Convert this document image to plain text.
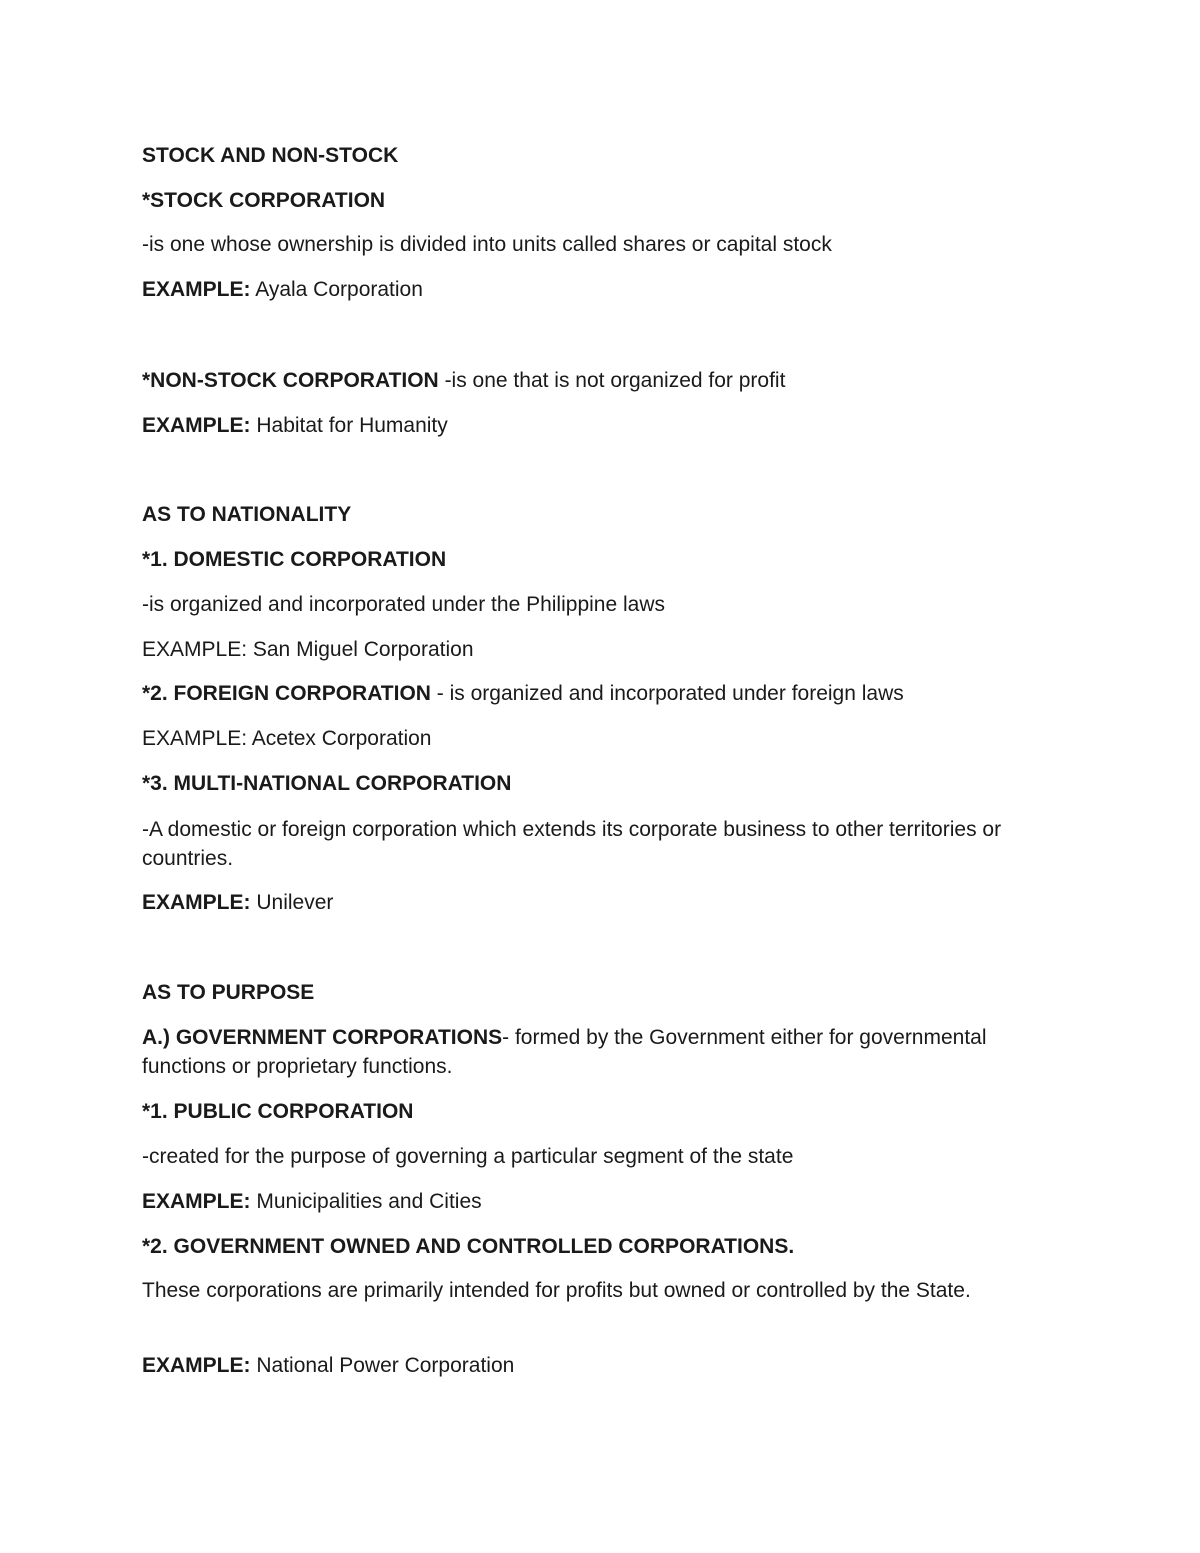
STOCK AND NON-STOCK
*STOCK CORPORATION
-is one whose ownership is divided into units called shares or capital stock
EXAMPLE: Ayala Corporation
*NON-STOCK CORPORATION -is one that is not organized for profit
EXAMPLE: Habitat for Humanity
AS TO NATIONALITY
*1. DOMESTIC CORPORATION
-is organized and incorporated under the Philippine laws
EXAMPLE: San Miguel Corporation
*2. FOREIGN CORPORATION - is organized and incorporated under foreign laws
EXAMPLE: Acetex Corporation
*3. MULTI-NATIONAL CORPORATION
-A domestic or foreign corporation which extends its corporate business to other territories or countries.
EXAMPLE: Unilever
AS TO PURPOSE
A.) GOVERNMENT CORPORATIONS- formed by the Government either for governmental functions or proprietary functions.
*1. PUBLIC CORPORATION
-created for the purpose of governing a particular segment of the state
EXAMPLE: Municipalities and Cities
*2. GOVERNMENT OWNED AND CONTROLLED CORPORATIONS.
These corporations are primarily intended for profits but owned or controlled by the State.
EXAMPLE: National Power Corporation
